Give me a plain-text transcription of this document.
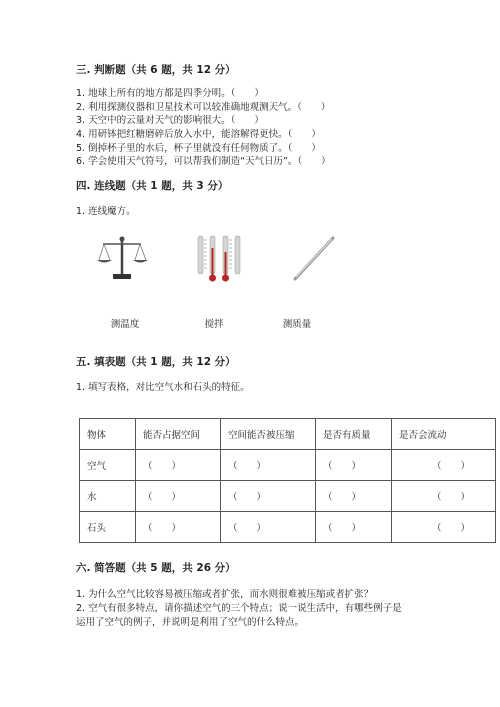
三. 判断题（共 6 题，共 12 分）
1. 地球上所有的地方都是四季分明。（　　）
2. 利用探测仪器和卫星技术可以较准确地观测天气。（　　）
3. 天空中的云量对天气的影响很大。（　　）
4. 用研钵把红糖磨碎后放入水中，能溶解得更快。（　　）
5. 倒掉杯子里的水后，杯子里就没有任何物质了。（　　）
6. 学会使用天气符号，可以帮我们制造“天气日历”。（　　）
四. 连线题（共 1 题，共 3 分）
1. 连线魔方。
测温度	搅拌	测质量
五. 填表题（共 1 题，共 12 分）
1. 填写表格，对比空气水和石头的特征。
物体	能否占据空间	空间能否被压缩	是否有质量	是否会流动
空气	（　　）	（　　）	（　　）	（　　）
水	（　　）	（　　）	（　　）	（　　）
石头	（　　）	（　　）	（　　）	（　　）
六. 简答题（共 5 题，共 26 分）
1. 为什么空气比较容易被压缩或者扩张，而水则很难被压缩或者扩张？
2. 空气有很多特点，请你描述空气的三个特点；说一说生活中，有哪些例子是
运用了空气的例子，并说明是利用了空气的什么特点。
